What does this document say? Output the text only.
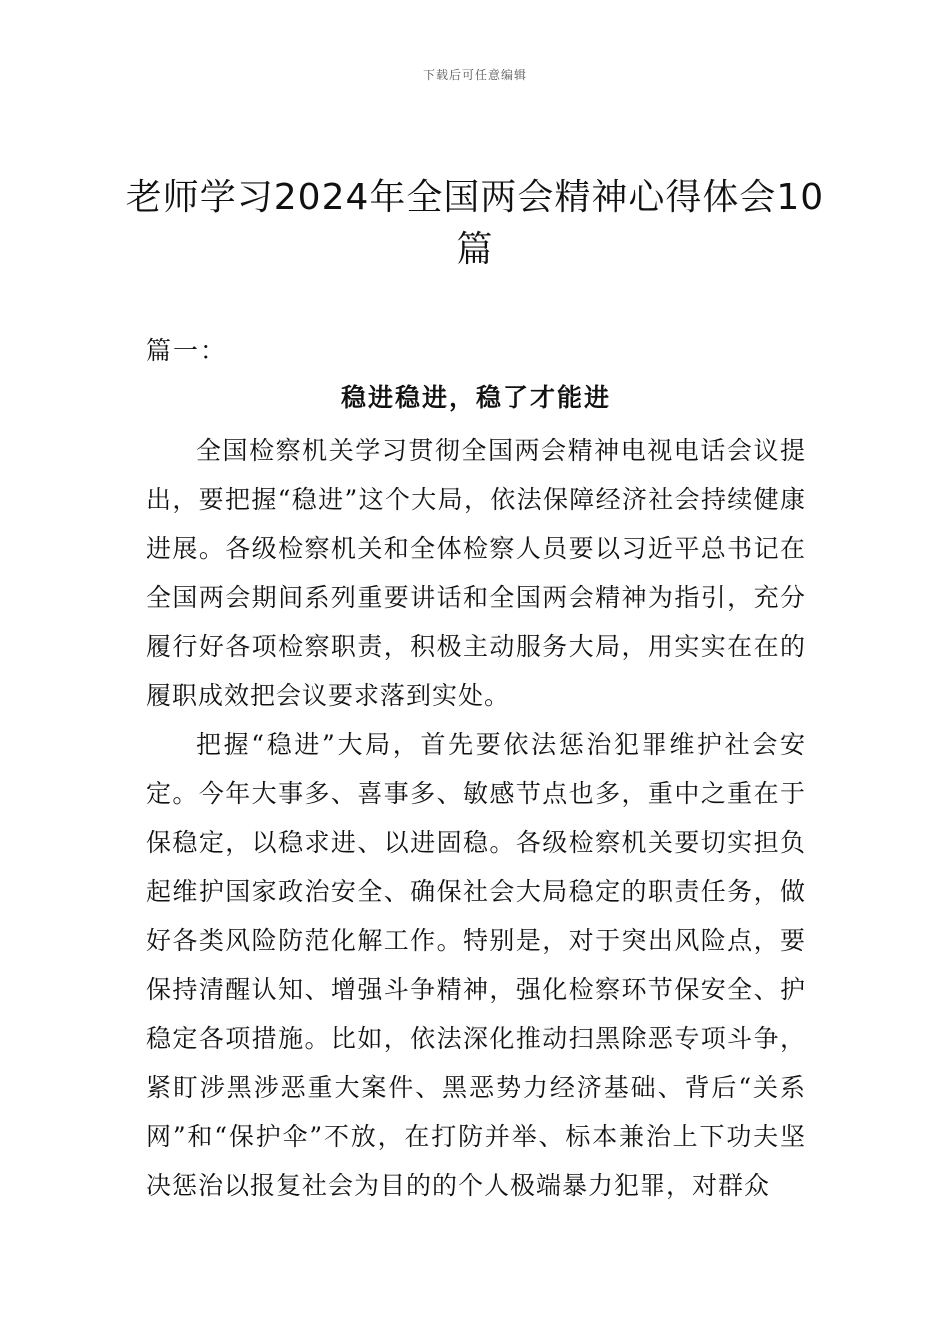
下载后可任意编辑
老师学习2024年全国两会精神心得体会10篇
篇一：
稳进稳进，稳了才能进

全国检察机关学习贯彻全国两会精神电视电话会议提出，要把握“稳进”这个大局，依法保障经济社会持续健康进展。各级检察机关和全体检察人员要以习近平总书记在全国两会期间系列重要讲话和全国两会精神为指引，充分履行好各项检察职责，积极主动服务大局，用实实在在的履职成效把会议要求落到实处。

把握“稳进”大局，首先要依法惩治犯罪维护社会安定。今年大事多、喜事多、敏感节点也多，重中之重在于保稳定，以稳求进、以进固稳。各级检察机关要切实担负起维护国家政治安全、确保社会大局稳定的职责任务，做好各类风险防范化解工作。特别是，对于突出风险点，要保持清醒认知、增强斗争精神，强化检察环节保安全、护稳定各项措施。比如，依法深化推动扫黑除恶专项斗争，紧盯涉黑涉恶重大案件、黑恶势力经济基础、背后“关系网”和“保护伞”不放，在打防并举、标本兼治上下功夫坚决惩治以报复社会为目的的个人极端暴力犯罪，对群众
